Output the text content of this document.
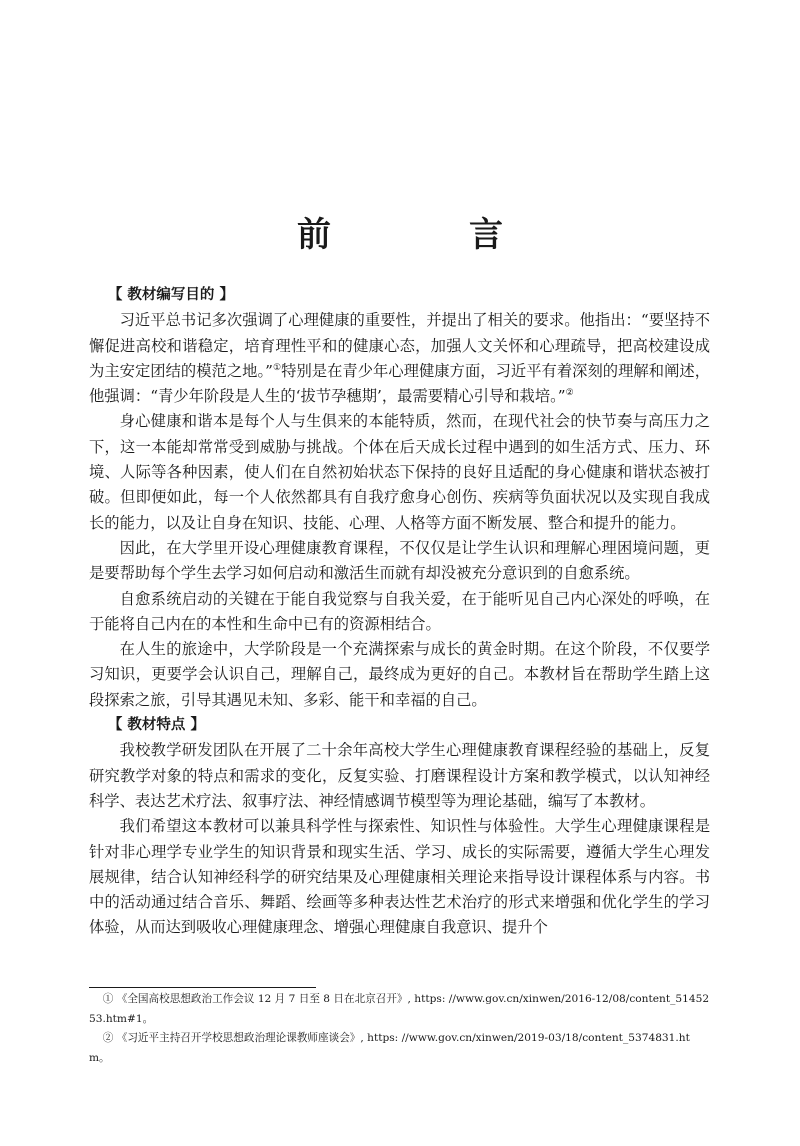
前　言
【 教材编写目的 】

习近平总书记多次强调了心理健康的重要性，并提出了相关的要求。他指出：“要坚持不懈促进高校和谐稳定，培育理性平和的健康心态，加强人文关怀和心理疏导，把高校建设成为主安定团结的模范之地。”①特别是在青少年心理健康方面，习近平有着深刻的理解和阐述，他强调：“青少年阶段是人生的‘拔节孕穗期’，最需要精心引导和栽培。”②

身心健康和谐本是每个人与生俱来的本能特质，然而，在现代社会的快节奏与高压力之下，这一本能却常常受到威胁与挑战。个体在后天成长过程中遇到的如生活方式、压力、环境、人际等各种因素，使人们在自然初始状态下保持的良好且适配的身心健康和谐状态被打破。但即便如此，每一个人依然都具有自我疗愈身心创伤、疾病等负面状况以及实现自我成长的能力，以及让自身在知识、技能、心理、人格等方面不断发展、整合和提升的能力。

因此，在大学里开设心理健康教育课程，不仅仅是让学生认识和理解心理困境问题，更是要帮助每个学生去学习如何启动和激活生而就有却没被充分意识到的自愈系统。

自愈系统启动的关键在于能自我觉察与自我关爱，在于能听见自己内心深处的呼唤，在于能将自己内在的本性和生命中已有的资源相结合。

在人生的旅途中，大学阶段是一个充满探索与成长的黄金时期。在这个阶段，不仅要学习知识，更要学会认识自己，理解自己，最终成为更好的自己。本教材旨在帮助学生踏上这段探索之旅，引导其遇见未知、多彩、能干和幸福的自己。

【 教材特点 】

我校教学研发团队在开展了二十余年高校大学生心理健康教育课程经验的基础上，反复研究教学对象的特点和需求的变化，反复实验、打磨课程设计方案和教学模式，以认知神经科学、表达艺术疗法、叙事疗法、神经情感调节模型等为理论基础，编写了本教材。

我们希望这本教材可以兼具科学性与探索性、知识性与体验性。大学生心理健康课程是针对非心理学专业学生的知识背景和现实生活、学习、成长的实际需要，遵循大学生心理发展规律，结合认知神经科学的研究结果及心理健康相关理论来指导设计课程体系与内容。书中的活动通过结合音乐、舞蹈、绘画等多种表达性艺术治疗的形式来增强和优化学生的学习体验，从而达到吸收心理健康理念、增强心理健康自我意识、提升个

① 《全国高校思想政治工作会议 12 月 7 日至 8 日在北京召开》, https: //www.gov.cn/xinwen/2016-12/08/content_5145253.htm#1。

② 《习近平主持召开学校思想政治理论课教师座谈会》, https: //www.gov.cn/xinwen/2019-03/18/content_5374831.htm。
